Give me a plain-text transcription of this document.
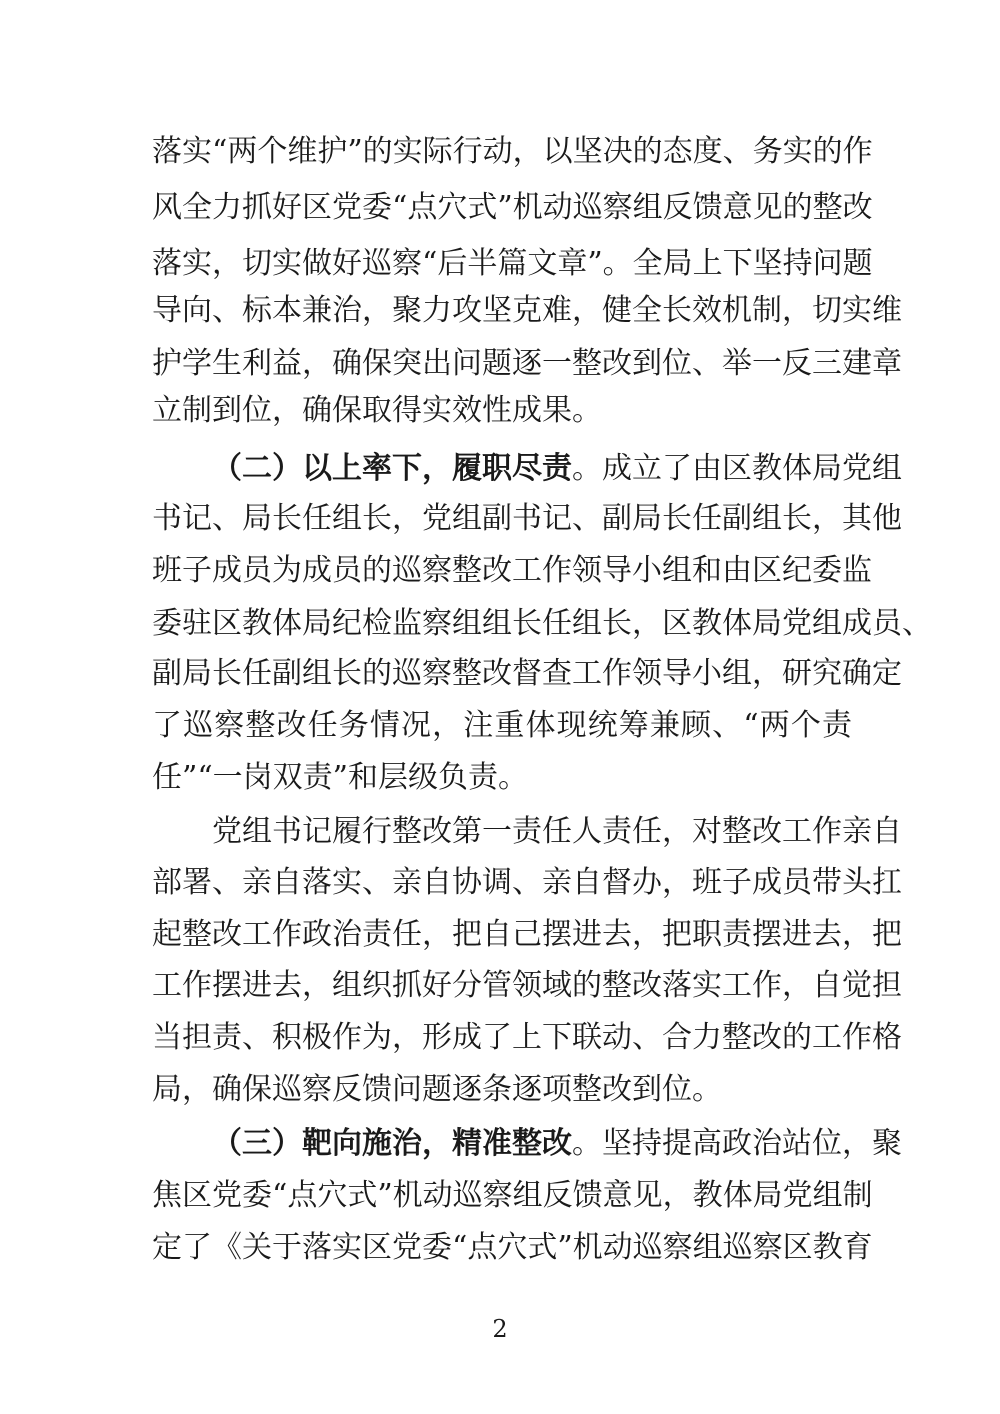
落实“两个维护”的实际行动，以坚决的态度、务实的作
风全力抓好区党委“点穴式”机动巡察组反馈意见的整改
落实，切实做好巡察“后半篇文章”。全局上下坚持问题
导向、标本兼治，聚力攻坚克难，健全长效机制，切实维
护学生利益，确保突出问题逐一整改到位、举一反三建章
立制到位，确保取得实效性成果。
（二）以上率下，履职尽责。成立了由区教体局党组
书记、局长任组长，党组副书记、副局长任副组长，其他
班子成员为成员的巡察整改工作领导小组和由区纪委监
委驻区教体局纪检监察组组长任组长，区教体局党组成员、
副局长任副组长的巡察整改督查工作领导小组，研究确定
了巡察整改任务情况，注重体现统筹兼顾、“两个责
任”“一岗双责”和层级负责。
党组书记履行整改第一责任人责任，对整改工作亲自
部署、亲自落实、亲自协调、亲自督办，班子成员带头扛
起整改工作政治责任，把自己摆进去，把职责摆进去，把
工作摆进去，组织抓好分管领域的整改落实工作，自觉担
当担责、积极作为，形成了上下联动、合力整改的工作格
局，确保巡察反馈问题逐条逐项整改到位。
（三）靶向施治，精准整改。坚持提高政治站位，聚
焦区党委“点穴式”机动巡察组反馈意见，教体局党组制
定了《关于落实区党委“点穴式”机动巡察组巡察区教育
2
